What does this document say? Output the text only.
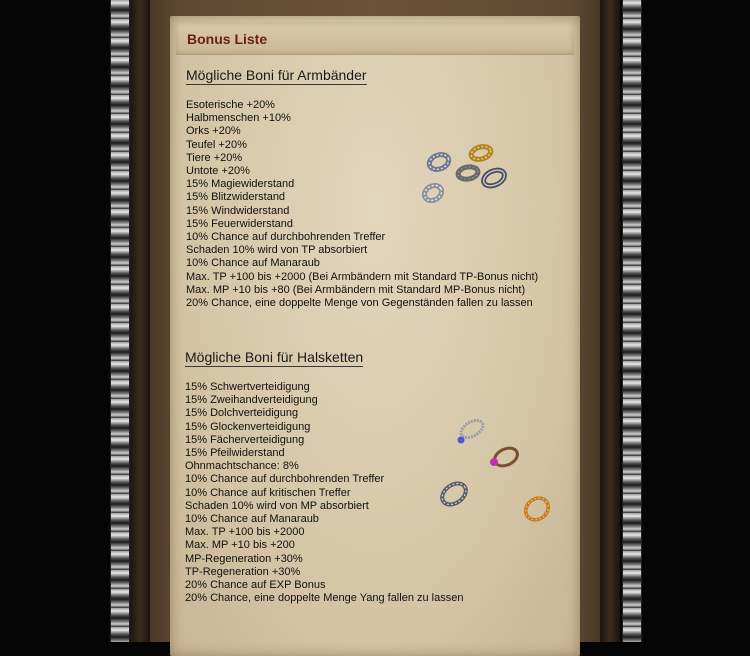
Bonus Liste
Mögliche Boni für Armbänder
Esoterische +20%
Halbmenschen +10%
Orks +20%
Teufel +20%
Tiere +20%
Untote +20%
15% Magiewiderstand
15% Blitzwiderstand
15% Windwiderstand
15% Feuerwiderstand
10% Chance auf durchbohrenden Treffer
Schaden 10% wird von TP absorbiert
10% Chance auf Manaraub
Max. TP +100 bis +2000 (Bei Armbändern mit Standard TP-Bonus nicht)
Max. MP +10 bis +80 (Bei Armbändern mit Standard MP-Bonus nicht)
20% Chance, eine doppelte Menge von Gegenständen fallen zu lassen
Mögliche Boni für Halsketten
15% Schwertverteidigung
15% Zweihandverteidigung
15% Dolchverteidigung
15% Glockenverteidigung
15% Fächerverteidigung
15% Pfeilwiderstand
Ohnmachtschance: 8%
10% Chance auf durchbohrenden Treffer
10% Chance auf kritischen Treffer
Schaden 10% wird von MP absorbiert
10% Chance auf Manaraub
Max. TP +100 bis +2000
Max. MP +10 bis +200
MP-Regeneration +30%
TP-Regeneration +30%
20% Chance auf EXP Bonus
20% Chance, eine doppelte Menge Yang fallen zu lassen
